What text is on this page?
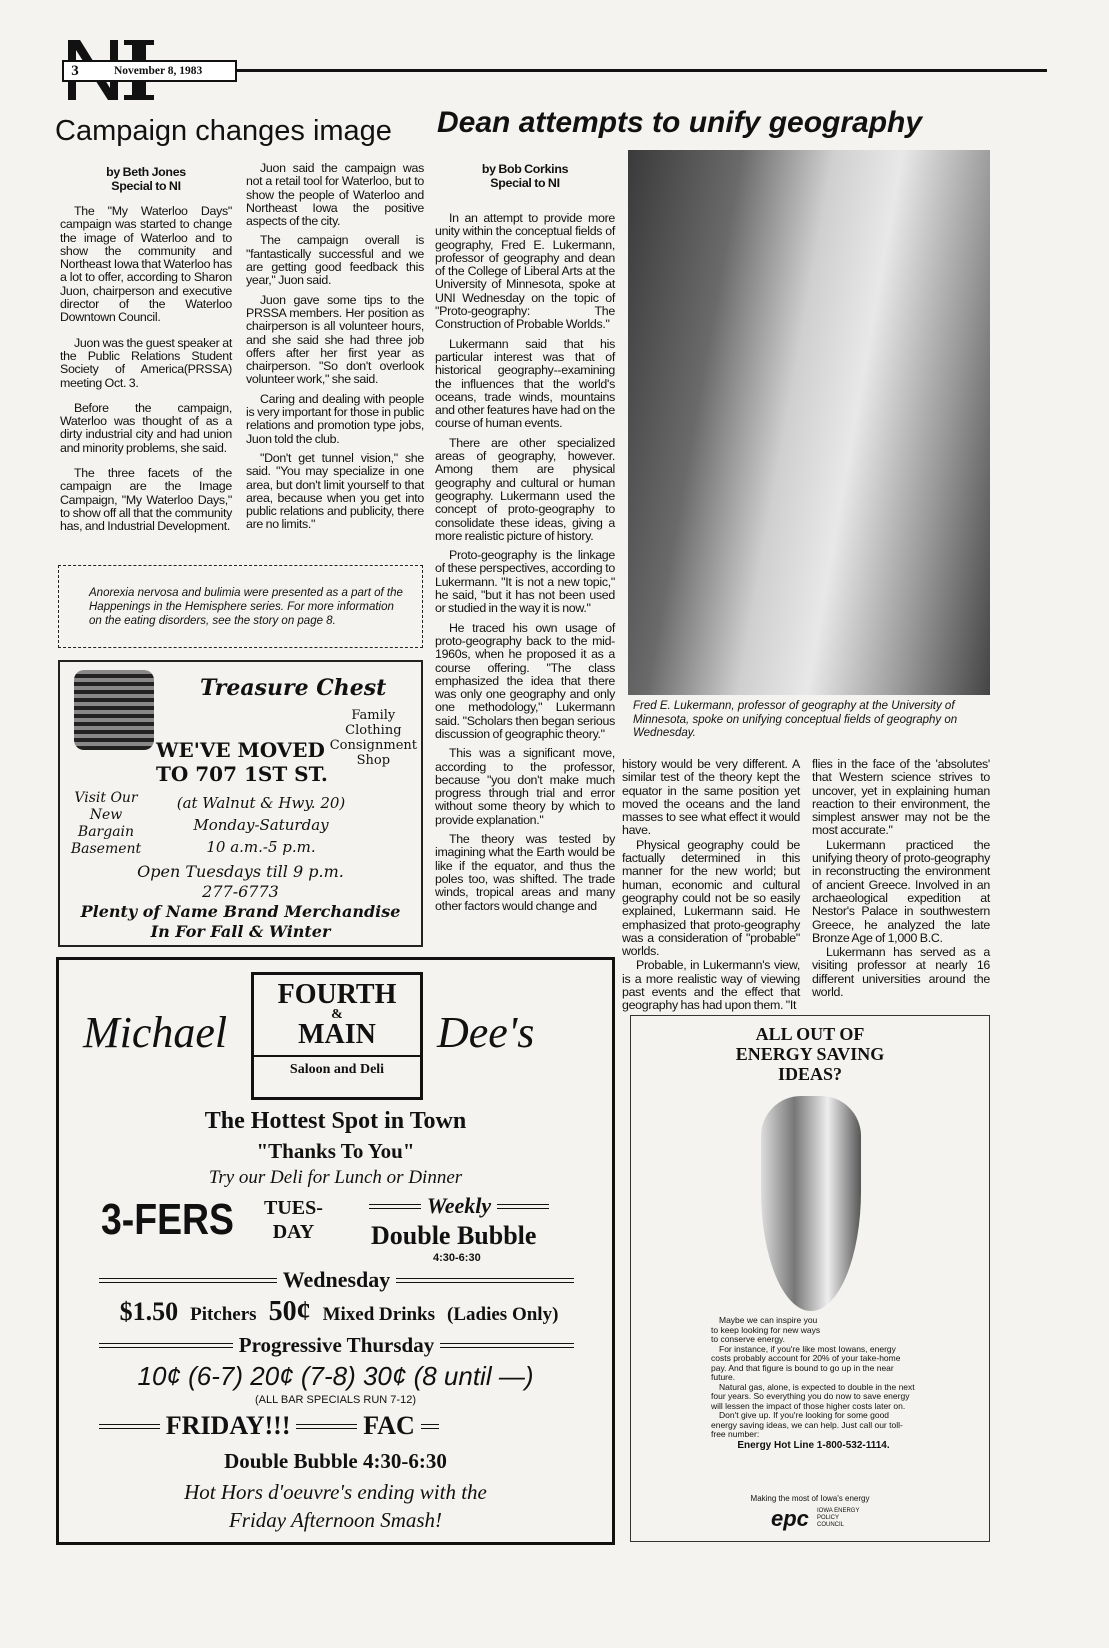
3	November 8, 1983
Campaign changes image Dean attempts to unify geography
by Beth Jones
Special to NI

The "My Waterloo Days" campaign was started to change the image of Waterloo and to show the community and Northeast Iowa that Waterloo has a lot to offer, according to Sharon Juon, chairperson and executive director of the Waterloo Downtown Council.

Juon was the guest speaker at the Public Relations Student Society of America(PRSSA) meeting Oct. 3.

Before the campaign, Waterloo was thought of as a dirty industrial city and had union and minority problems, she said.

The three facets of the campaign are the Image Campaign, "My Waterloo Days," to show off all that the community has, and Industrial Development.

Juon said the campaign was not a retail tool for Waterloo, but to show the people of Waterloo and Northeast Iowa the positive aspects of the city.

The campaign overall is "fantastically successful and we are getting good feedback this year," Juon said.

Juon gave some tips to the PRSSA members. Her position as chairperson is all volunteer hours, and she said she had three job offers after her first year as chairperson. "So don't overlook volunteer work," she said.

Caring and dealing with people is very important for those in public relations and promotion type jobs, Juon told the club.

"Don't get tunnel vision," she said. "You may specialize in one area, but don't limit yourself to that area, because when you get into public relations and publicity, there are no limits."

Anorexia nervosa and bulimia were presented as a part of the Happenings in the Hemisphere series. For more information on the eating disorders, see the story on page 8.
Treasure Chest
Family
Clothing
Consignment
Shop
WE'VE MOVED
TO 707 1ST ST.
Visit Our
New
Bargain
Basement
(at Walnut & Hwy. 20)
Monday-Saturday
10 a.m.-5 p.m.
Open Tuesdays till 9 p.m.
277-6773
Plenty of Name Brand Merchandise
In For Fall & Winter
by Bob Corkins
Special to NI

In an attempt to provide more unity within the conceptual fields of geography, Fred E. Lukermann, professor of geography and dean of the College of Liberal Arts at the University of Minnesota, spoke at UNI Wednesday on the topic of "Proto-geography: The Construction of Probable Worlds."

Lukermann said that his particular interest was that of historical geography--examining the influences that the world's oceans, trade winds, mountains and other features have had on the course of human events.

There are other specialized areas of geography, however. Among them are physical geography and cultural or human geography. Lukermann used the concept of proto-geography to consolidate these ideas, giving a more realistic picture of history.

Proto-geography is the linkage of these perspectives, according to Lukermann. "It is not a new topic," he said, "but it has not been used or studied in the way it is now."

He traced his own usage of proto-geography back to the mid-1960s, when he proposed it as a course offering. "The class emphasized the idea that there was only one geography and only one methodology," Lukermann said. "Scholars then began serious discussion of geographic theory."

This was a significant move, according to the professor, because "you don't make much progress through trial and error without some theory by which to provide explanation."

The theory was tested by imagining what the Earth would be like if the equator, and thus the poles too, was shifted. The trade winds, tropical areas and many other factors would change and

Fred E. Lukermann, professor of geography at the University of Minnesota, spoke on unifying conceptual fields of geography on Wednesday.

history would be very different. A similar test of the theory kept the equator in the same position yet moved the oceans and the land masses to see what effect it would have.

Physical geography could be factually determined in this manner for the new world; but human, economic and cultural geography could not be so easily explained, Lukermann said. He emphasized that proto-geography was a consideration of "probable" worlds.

Probable, in Lukermann's view, is a more realistic way of viewing past events and the effect that geography has had upon them. "It

flies in the face of the 'absolutes' that Western science strives to uncover, yet in explaining human reaction to their environment, the simplest answer may not be the most accurate."

Lukermann practiced the unifying theory of proto-geography in reconstructing the environment of ancient Greece. Involved in an archaeological expedition at Nestor's Palace in southwestern Greece, he analyzed the late Bronze Age of 1,000 B.C.

Lukermann has served as a visiting professor at nearly 16 different universities around the world.

Michael	Dee's
FOURTH
&
MAIN
Saloon and Deli
The Hottest Spot in Town
"Thanks To You"
Try our Deli for Lunch or Dinner
3-FERS TUES-
DAY
Weekly
Double Bubble
4:30-6:30
Wednesday
$1.50 Pitchers 50¢ Mixed Drinks (Ladies Only)
Progressive Thursday
10¢ (6-7) 20¢ (7-8) 30¢ (8 until —)
(ALL BAR SPECIALS RUN 7-12)
FRIDAY!!!	FAC
Double Bubble 4:30-6:30
Hot Hors d'oeuvre's ending with the
Friday Afternoon Smash!
ALL OUT OF
ENERGY SAVING
IDEAS?

Maybe we can inspire you to keep looking for new ways to conserve energy.

For instance, if you're like most Iowans, energy costs probably account for 20% of your take-home pay. And that figure is bound to go up in the near future.

Natural gas, alone, is expected to double in the next four years. So everything you do now to save energy will lessen the impact of those higher costs later on.

Don't give up. If you're looking for some good energy saving ideas, we can help. Just call our toll-free number:

Energy Hot Line 1-800-532-1114.

Making the most of Iowa's energy
epc IOWA ENERGY POLICY COUNCIL
